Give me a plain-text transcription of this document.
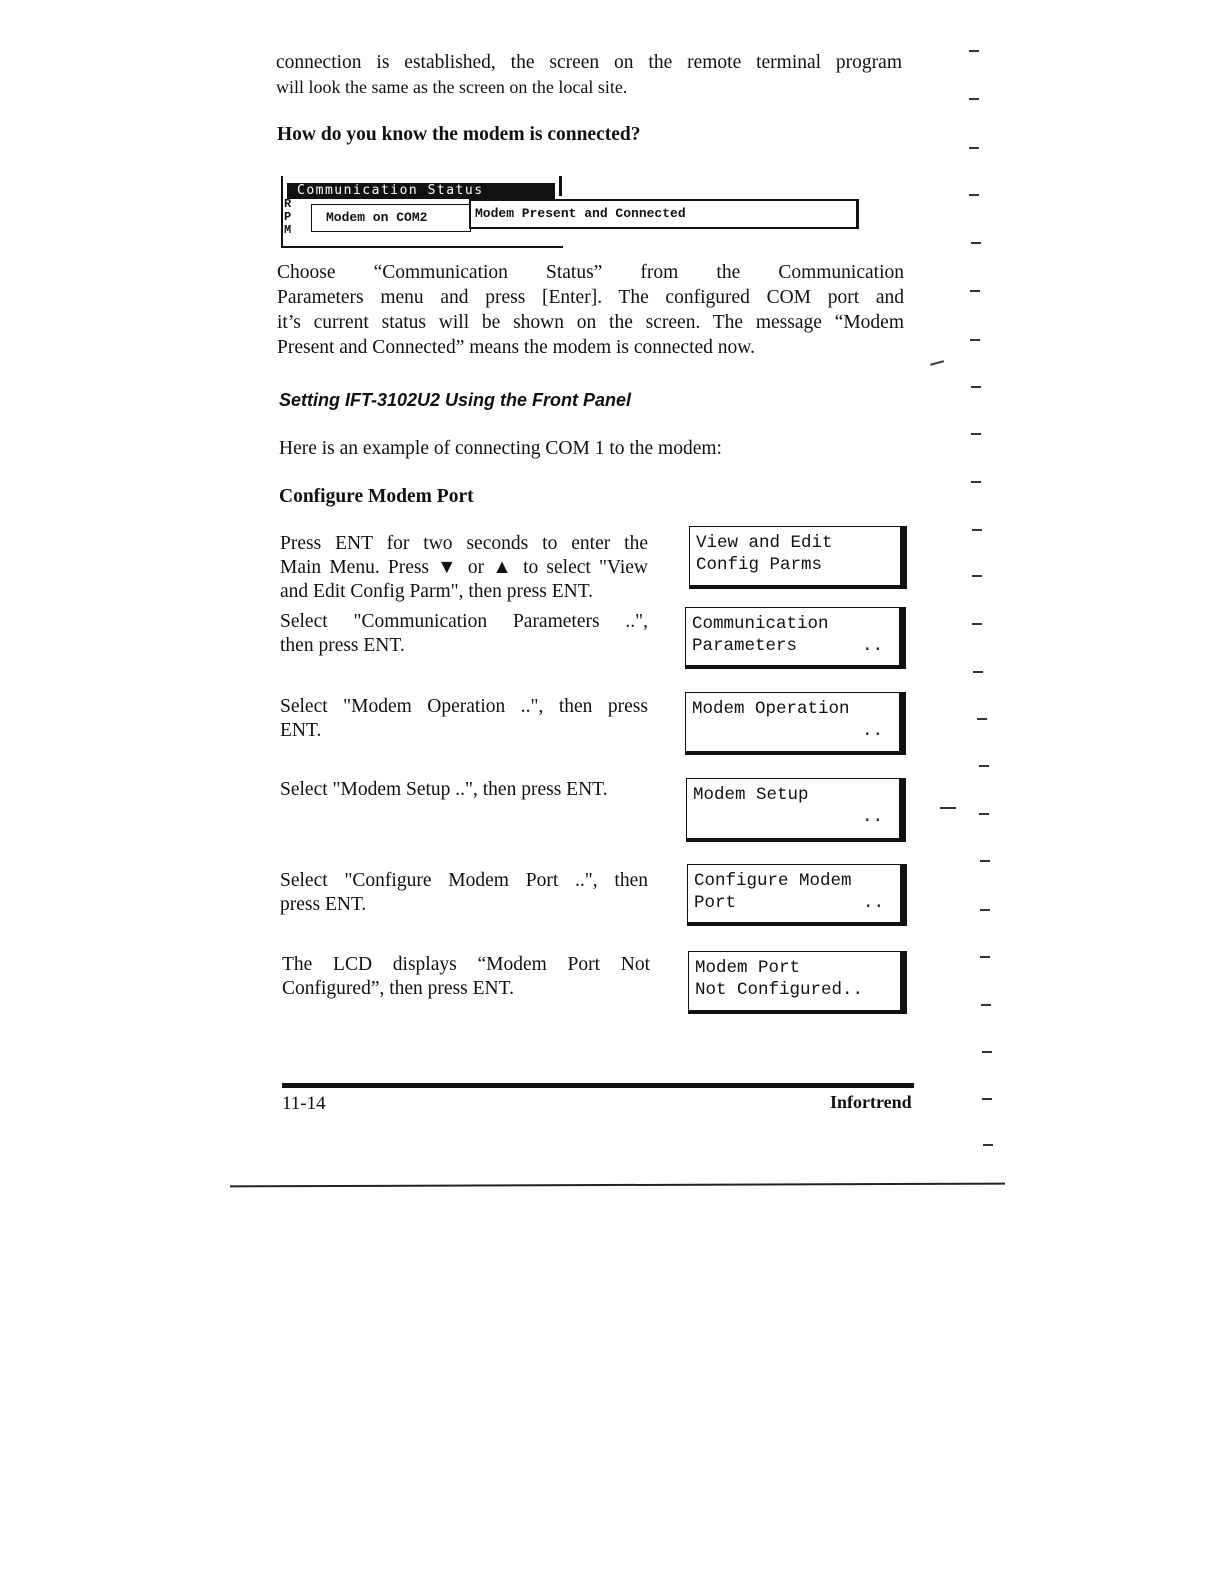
connection is established, the screen on the remote terminal program
will look the same as the screen on the local site.
How do you know the modem is connected?
Communication Status
R
P
M
Modem on COM2	Modem Present and Connected
Choose “Communication Status” from the Communication
Parameters menu and press [Enter]. The configured COM port and
it’s current status will be shown on the screen. The message “Modem
Present and Connected” means the modem is connected now.
Setting IFT-3102U2 Using the Front Panel
Here is an example of connecting COM 1 to the modem:
Configure Modem Port
Press ENT for two seconds to enter the
Main Menu. Press ▼ or ▲ to select "View
and Edit Config Parm", then press ENT.
View and Edit
Config Parms
Select "Communication Parameters ..",
then press ENT.
Communication
Parameters	..
Select "Modem Operation ..", then press
ENT.
Modem Operation
..
Select "Modem Setup ..", then press ENT.	Modem Setup
..
Select "Configure Modem Port ..", then
press ENT.
Configure Modem
Port	..
The LCD displays “Modem Port Not
Configured”, then press ENT.
Modem Port
Not Configured..
11-14	Infortrend
